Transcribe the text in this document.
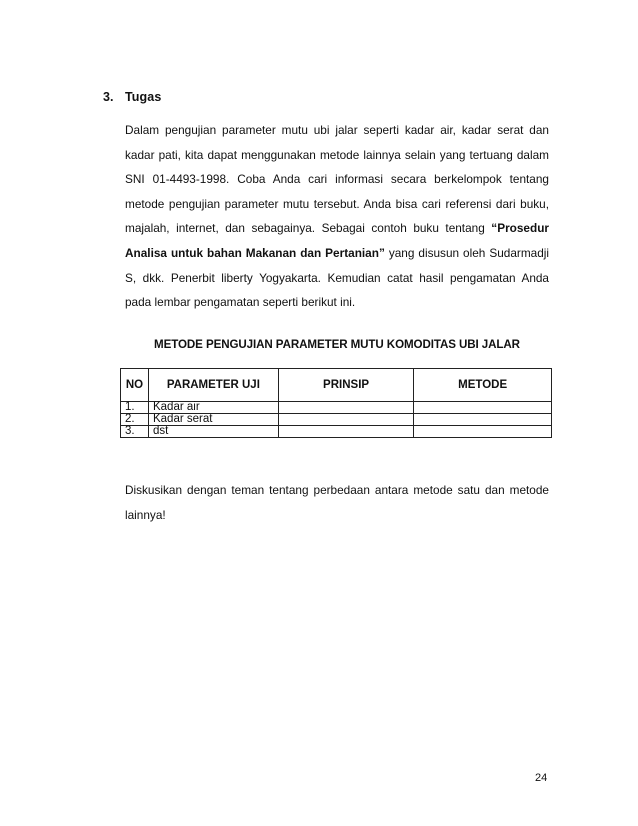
3. Tugas
Dalam pengujian parameter mutu ubi jalar seperti kadar air, kadar serat dan kadar pati, kita dapat menggunakan metode lainnya selain yang tertuang dalam SNI 01-4493-1998. Coba Anda cari informasi secara berkelompok tentang metode pengujian parameter mutu tersebut. Anda bisa cari referensi dari buku, majalah, internet, dan sebagainya. Sebagai contoh buku tentang “Prosedur Analisa untuk bahan Makanan dan Pertanian” yang disusun oleh Sudarmadji S, dkk. Penerbit liberty Yogyakarta. Kemudian catat hasil pengamatan Anda pada lembar pengamatan seperti berikut ini.
METODE PENGUJIAN PARAMETER MUTU KOMODITAS UBI JALAR
NO	PARAMETER UJI	PRINSIP	METODE
1.	Kadar air		
2.	Kadar serat		
3.	dst		
Diskusikan dengan teman tentang perbedaan antara metode satu dan metode lainnya!
24
